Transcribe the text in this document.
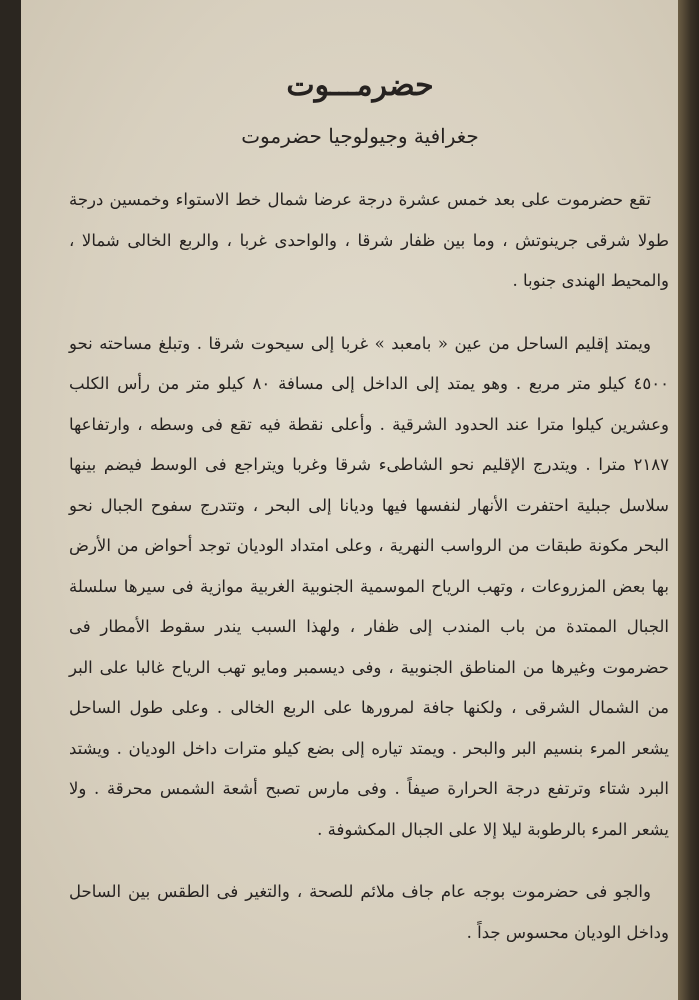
حضرمـــوت
جغرافية وجيولوجيا حضرموت

تقع حضرموت على بعد خمس عشرة درجة عرضا شمال خط الاستواء وخمسين درجة طولا شرقى جرينوتش ، وما بين ظفار شرقا ، والواحدى غربا ، والربع الخالى شمالا ، والمحيط الهندى جنوبا .

ويمتد إقليم الساحل من عين « بامعبد » غربا إلى سيحوت شرقا . وتبلغ مساحته نحو ٤٥٠٠ كيلو متر مربع . وهو يمتد إلى الداخل إلى مسافة ٨٠ كيلو متر من رأس الكلب وعشرين كيلوا مترا عند الحدود الشرقية . وأعلى نقطة فيه تقع فى وسطه ، وارتفاعها ٢١٨٧ مترا . ويتدرج الإقليم نحو الشاطىء شرقا وغربا ويتراجع فى الوسط فيضم بينها سلاسل جبلية احتفرت الأنهار لنفسها فيها وديانا إلى البحر ، وتتدرج سفوح الجبال نحو البحر مكونة طبقات من الرواسب النهرية ، وعلى امتداد الوديان توجد أحواض من الأرض بها بعض المزروعات ، وتهب الرياح الموسمية الجنوبية الغربية موازية فى سيرها سلسلة الجبال الممتدة من باب المندب إلى ظفار ، ولهذا السبب يندر سقوط الأمطار فى حضرموت وغيرها من المناطق الجنوبية ، وفى ديسمبر ومايو تهب الرياح غالبا على البر من الشمال الشرقى ، ولكنها جافة لمرورها على الربع الخالى . وعلى طول الساحل يشعر المرء بنسيم البر والبحر . ويمتد تياره إلى بضع كيلو مترات داخل الوديان . ويشتد البرد شتاء وترتفع درجة الحرارة صيفاً . وفى مارس تصبح أشعة الشمس محرقة . ولا يشعر المرء بالرطوبة ليلا إلا على الجبال المكشوفة .

والجو فى حضرموت بوجه عام جاف ملائم للصحة ، والتغير فى الطقس بين الساحل وداخل الوديان محسوس جداً .
